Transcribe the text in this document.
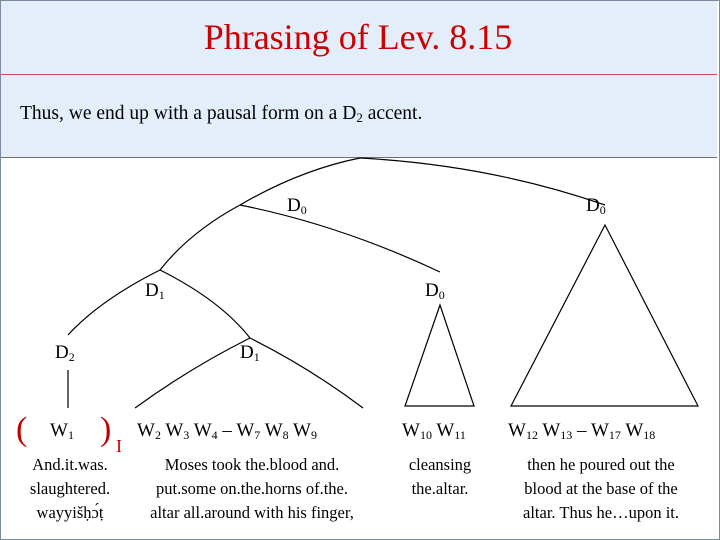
Phrasing of Lev. 8.15
Thus, we end up with a pausal form on a $D_2$ accent.
$D_0$	$D_0$
$D_1$	$D_0$
$D_2$	$D_1$
( $W_1$ ) I
$W_2$ $W_3$ $W_4 - W_7$ $W_8$ $W_9$	$W_{10}$ $W_{11}$ $W_{12}$ $W_{13} - W_{17}$ $W_{18}$
And.it.was.
slaughtered.
wayyišḥɔ́ṭ
Moses took the.blood and.
put.some on.the.horns of.the.
altar all.around with his finger,
cleansing
the.altar.
then he poured out the
blood at the base of the
altar. Thus he…upon it.
